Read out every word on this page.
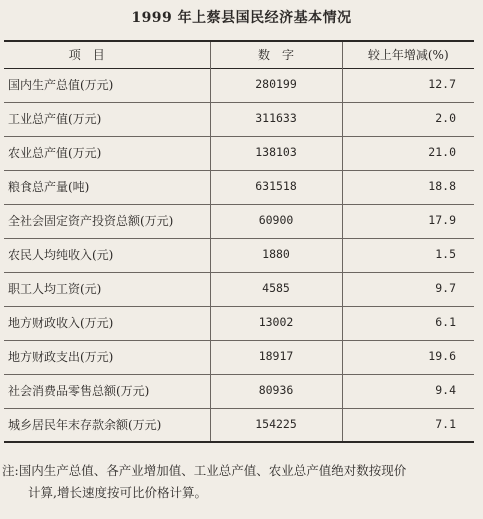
1999 年上蔡县国民经济基本情况
项　目	数　字	较上年增减(%)
国内生产总值(万元)	280199	12.7
工业总产值(万元)	311633	2.0
农业总产值(万元)	138103	21.0
粮食总产量(吨)	631518	18.8
全社会固定资产投资总额(万元)	60900	17.9
农民人均纯收入(元)	1880	1.5
职工人均工资(元)	4585	9.7
地方财政收入(万元)	13002	6.1
地方财政支出(万元)	18917	19.6
社会消费品零售总额(万元)	80936	9.4
城乡居民年末存款余额(万元)	154225	7.1
注:国内生产总值、各产业增加值、工业总产值、农业总产值绝对数按现价
计算,增长速度按可比价格计算。
